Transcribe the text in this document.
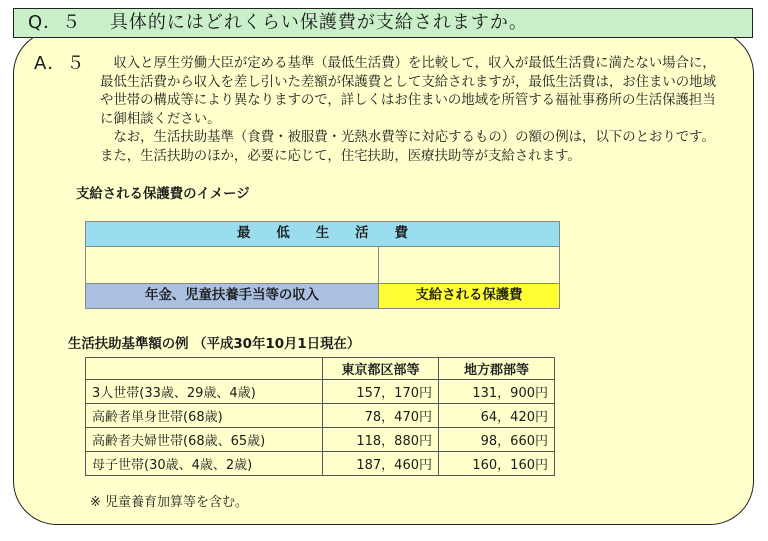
Q．５ 具体的にはどれくらい保護費が支給されますか。
A．５	収入と厚生労働大臣が定める基準（最低生活費）を比較して，収入が最低生活費に満たない場合に，最低生活費から収入を差し引いた差額が保護費として支給されますが，最低生活費は，お住まいの地域や世帯の構成等により異なりますので，詳しくはお住まいの地域を所管する福祉事務所の生活保護担当に御相談ください。
なお，生活扶助基準（食費・被服費・光熱水費等に対応するもの）の額の例は，以下のとおりです。また，生活扶助のほか，必要に応じて，住宅扶助，医療扶助等が支給されます。
支給される保護費のイメージ
最低生活費
年金、児童扶養手当等の収入	支給される保護費
生活扶助基準額の例 （平成30年10月1日現在）
	東京都区部等	地方郡部等
3人世帯(33歳、29歳、4歳)	157，170円	131，900円
高齢者単身世帯(68歳)	78，470円	64，420円
高齢者夫婦世帯(68歳、65歳)	118，880円	98，660円
母子世帯(30歳、4歳、2歳)	187，460円	160，160円
※ 児童養育加算等を含む。
